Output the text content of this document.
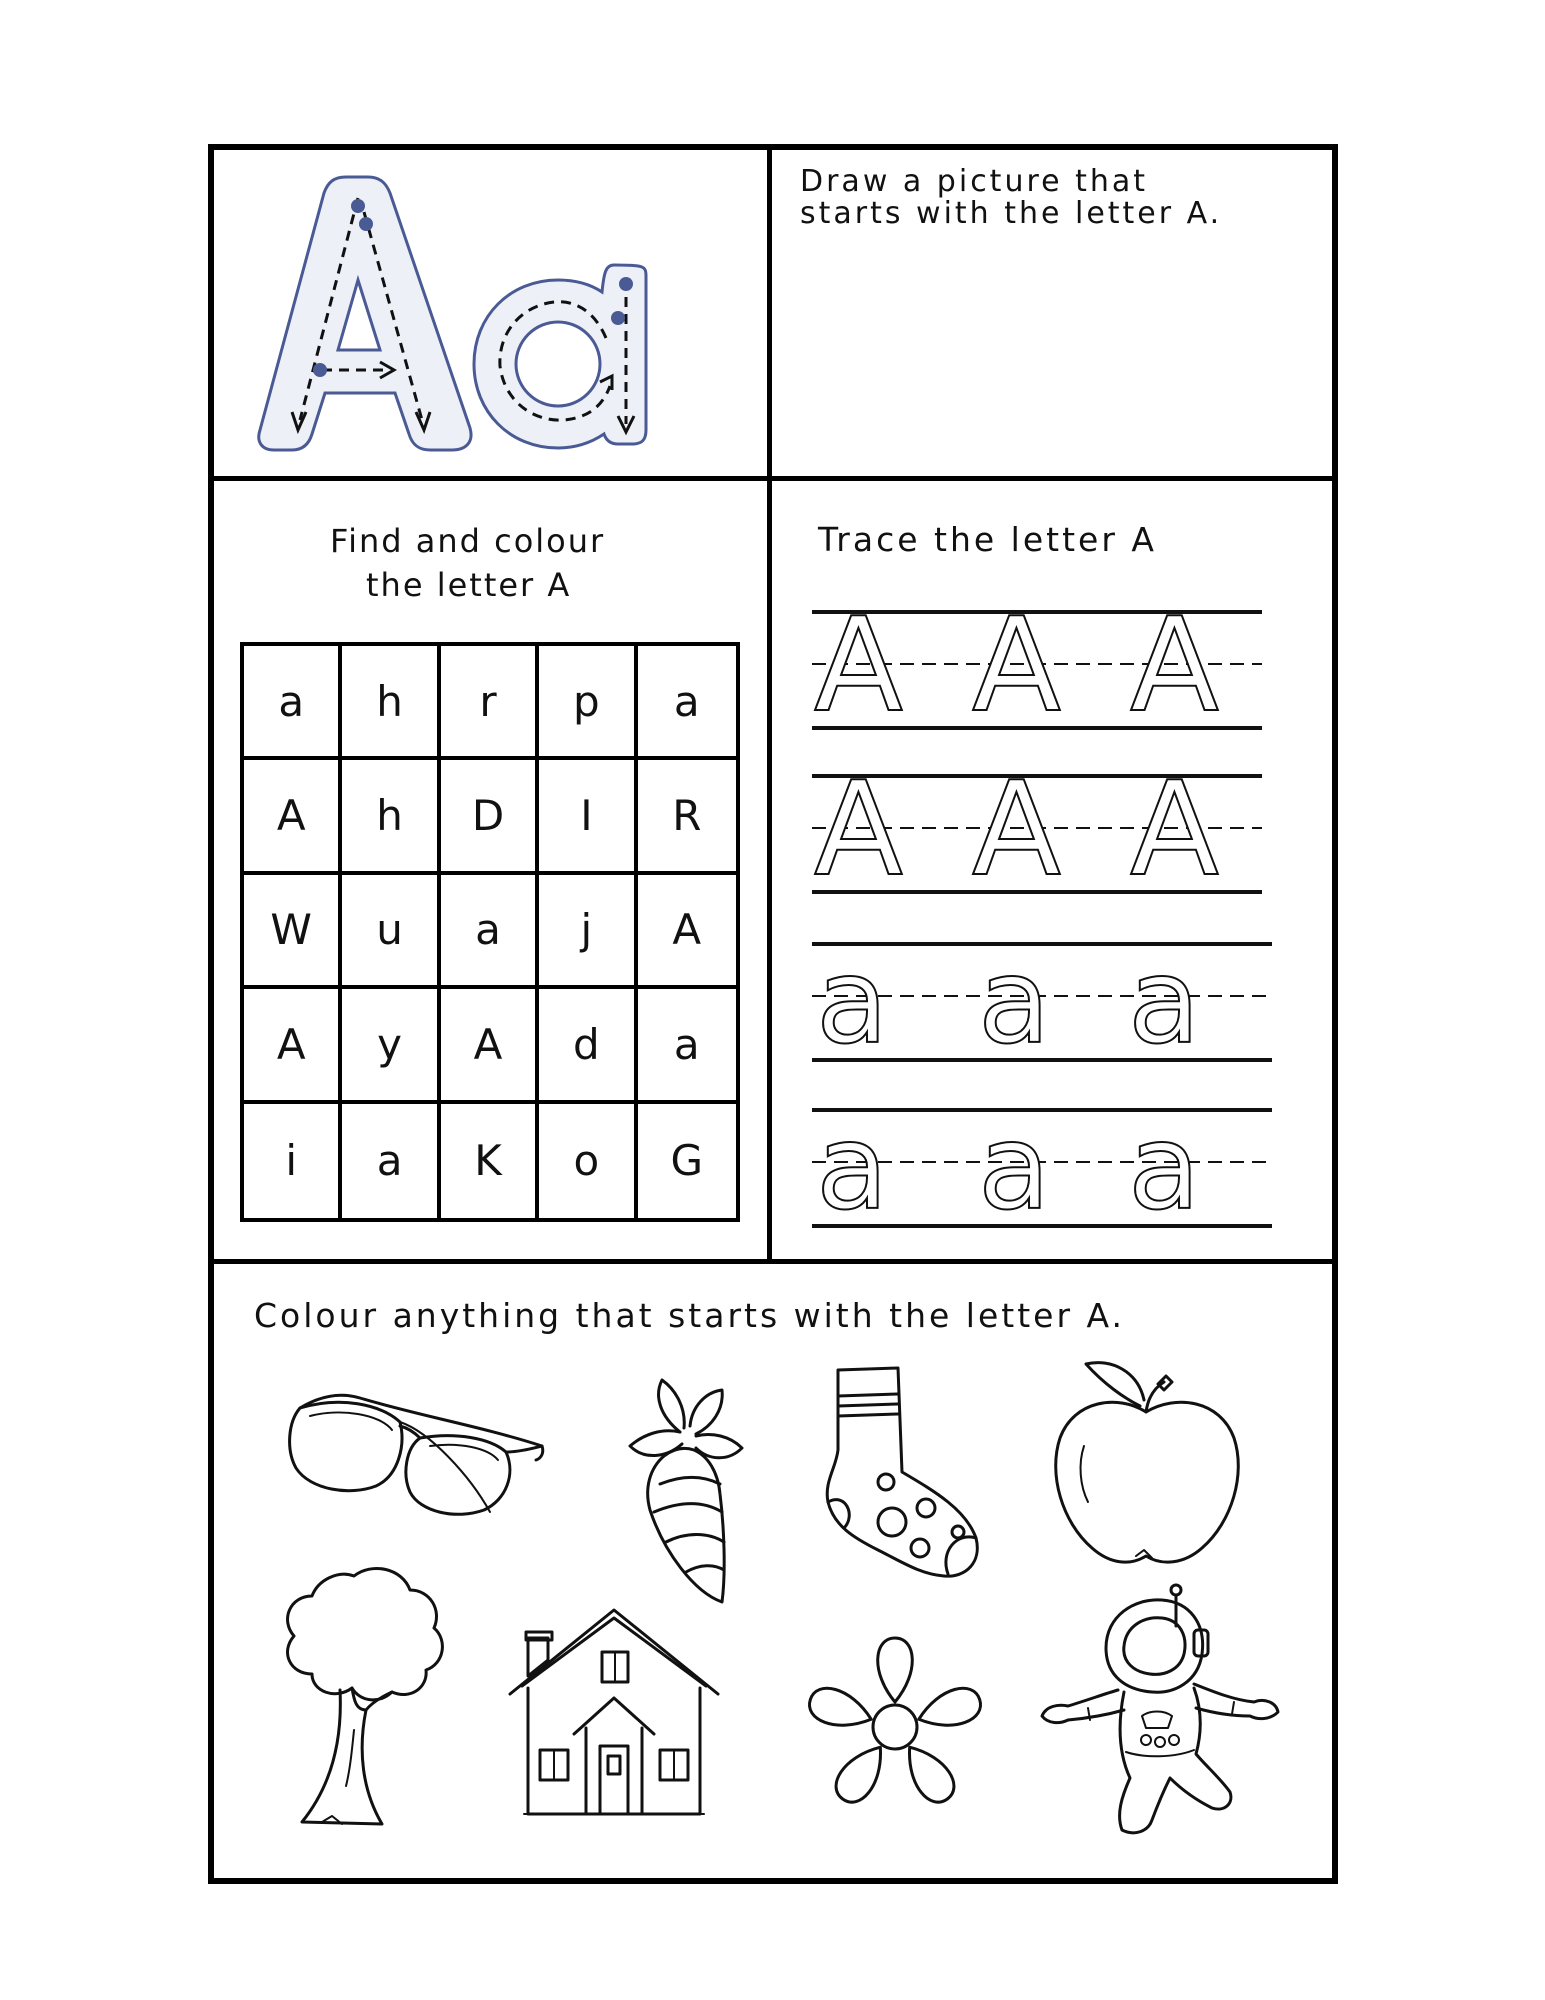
Draw a picture that
starts with the letter A.
Find and colour
the letter A
a	h	r	p	a
A	h	D	I	R
W	u	a	j	A
A	y	A	d	a
i	a	K	o	G
Trace the letter A
A A A
A A A
a a a
a a a
Colour anything that starts with the letter A.
